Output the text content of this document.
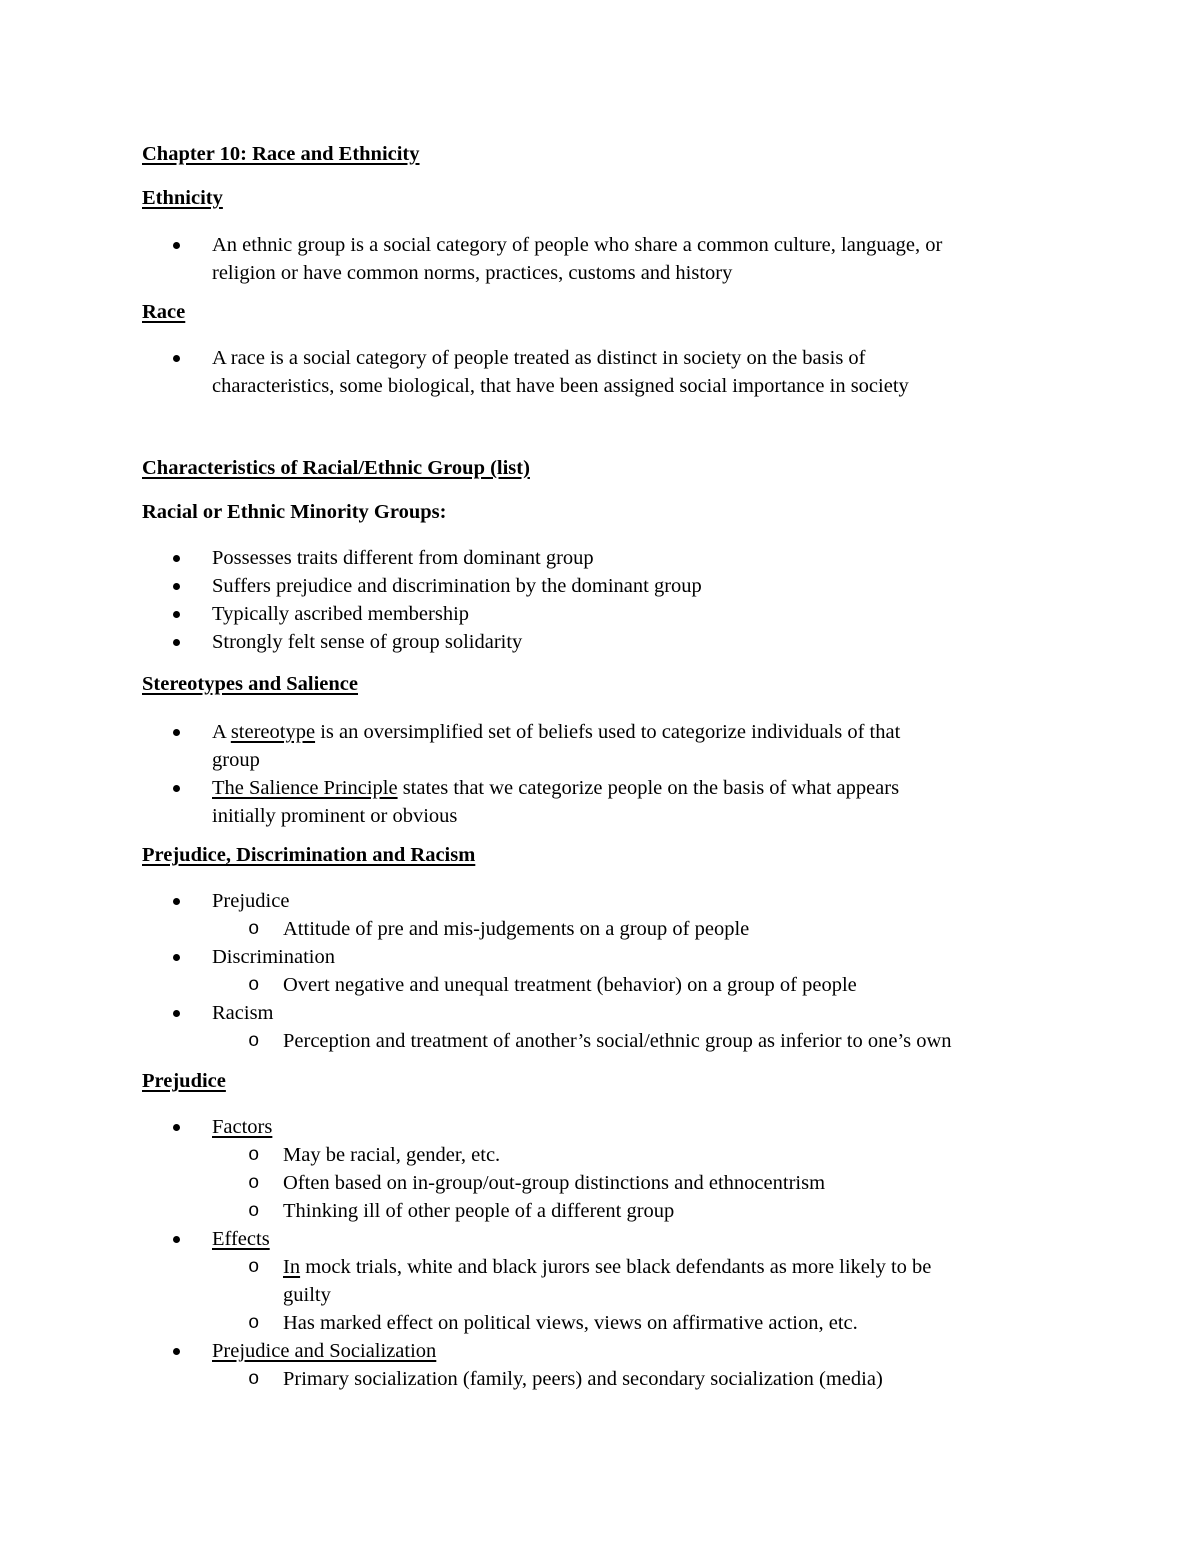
Chapter 10: Race and Ethnicity
Ethnicity
An ethnic group is a social category of people who share a common culture, language, or
religion or have common norms, practices, customs and history
Race
A race is a social category of people treated as distinct in society on the basis of
characteristics, some biological, that have been assigned social importance in society
Characteristics of Racial/Ethnic Group (list)
Racial or Ethnic Minority Groups:
Possesses traits different from dominant group
Suffers prejudice and discrimination by the dominant group
Typically ascribed membership
Strongly felt sense of group solidarity
Stereotypes and Salience
A stereotype is an oversimplified set of beliefs used to categorize individuals of that
group
The Salience Principle states that we categorize people on the basis of what appears
initially prominent or obvious
Prejudice, Discrimination and Racism
Prejudice
o Attitude of pre and mis-judgements on a group of people
Discrimination
o Overt negative and unequal treatment (behavior) on a group of people
Racism
o Perception and treatment of another’s social/ethnic group as inferior to one’s own
Prejudice
Factors
o May be racial, gender, etc.
o Often based on in-group/out-group distinctions and ethnocentrism
o Thinking ill of other people of a different group
Effects
o In mock trials, white and black jurors see black defendants as more likely to be
guilty
o Has marked effect on political views, views on affirmative action, etc.
Prejudice and Socialization
o Primary socialization (family, peers) and secondary socialization (media)
